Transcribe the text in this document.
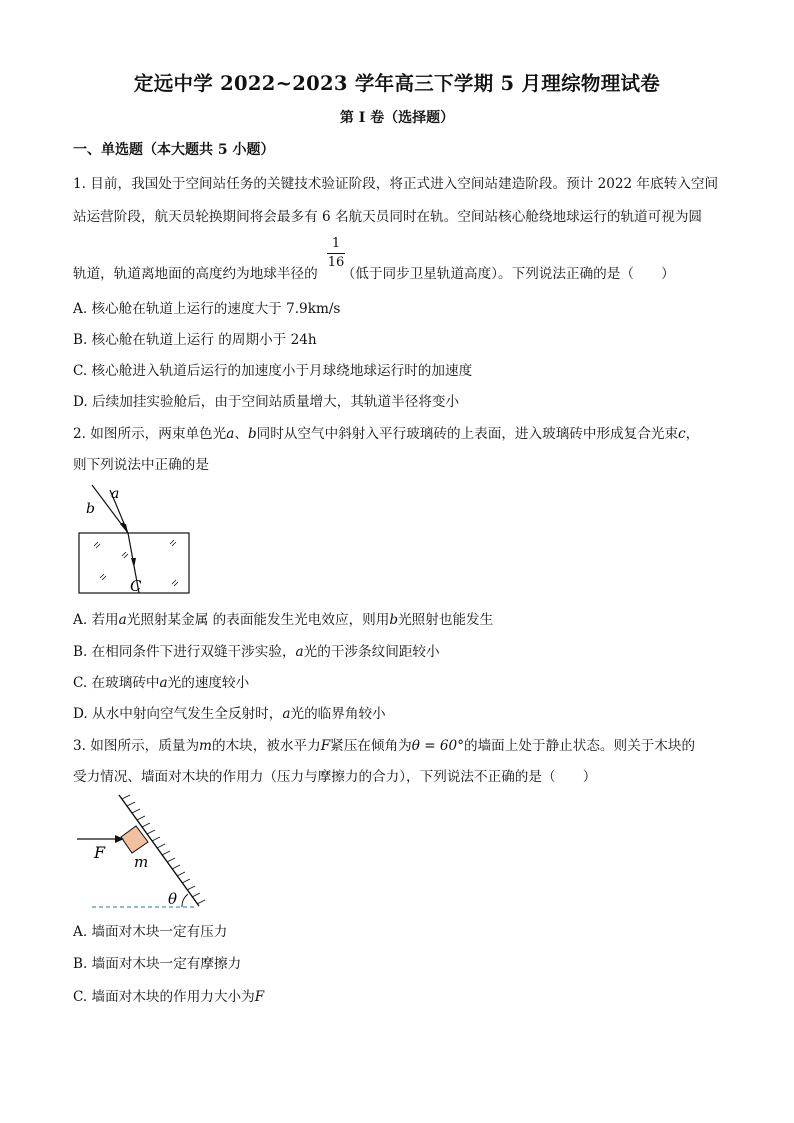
定远中学 2022~2023 学年高三下学期 5 月理综物理试卷
第 I 卷（选择题）
一、单选题（本大题共 5 小题）
1. 目前，我国处于空间站任务的关键技术验证阶段，将正式进入空间站建造阶段。预计 2022 年底转入空间
站运营阶段，航天员轮换期间将会最多有 6 名航天员同时在轨。空间站核心舱绕地球运行的轨道可视为圆
轨道，轨道离地面的高度约为地球半径的 （低于同步卫星轨道高度）。下列说法正确的是（　　）
1
16
A. 核心舱在轨道上运行的速度大于 7.9km/s
B. 核心舱在轨道上运行 的周期小于 24h
C. 核心舱进入轨道后运行的加速度小于月球绕地球运行时的加速度
D. 后续加挂实验舱后，由于空间站质量增大，其轨道半径将变小
2. 如图所示，两束单色光a、b同时从空气中斜射入平行玻璃砖的上表面，进入玻璃砖中形成复合光束c，
则下列说法中正确的是
a
b
C
A. 若用a光照射某金属 的表面能发生光电效应，则用b光照射也能发生
B. 在相同条件下进行双缝干涉实验，a光的干涉条纹间距较小
C. 在玻璃砖中a光的速度较小
D. 从水中射向空气发生全反射时，a光的临界角较小
3. 如图所示，质量为m的木块，被水平力F紧压在倾角为θ = 60°的墙面上处于静止状态。则关于木块的
受力情况、墙面对木块的作用力（压力与摩擦力的合力），下列说法不正确的是（　　）
F m
θ
A. 墙面对木块一定有压力
B. 墙面对木块一定有摩擦力
C. 墙面对木块的作用力大小为F
